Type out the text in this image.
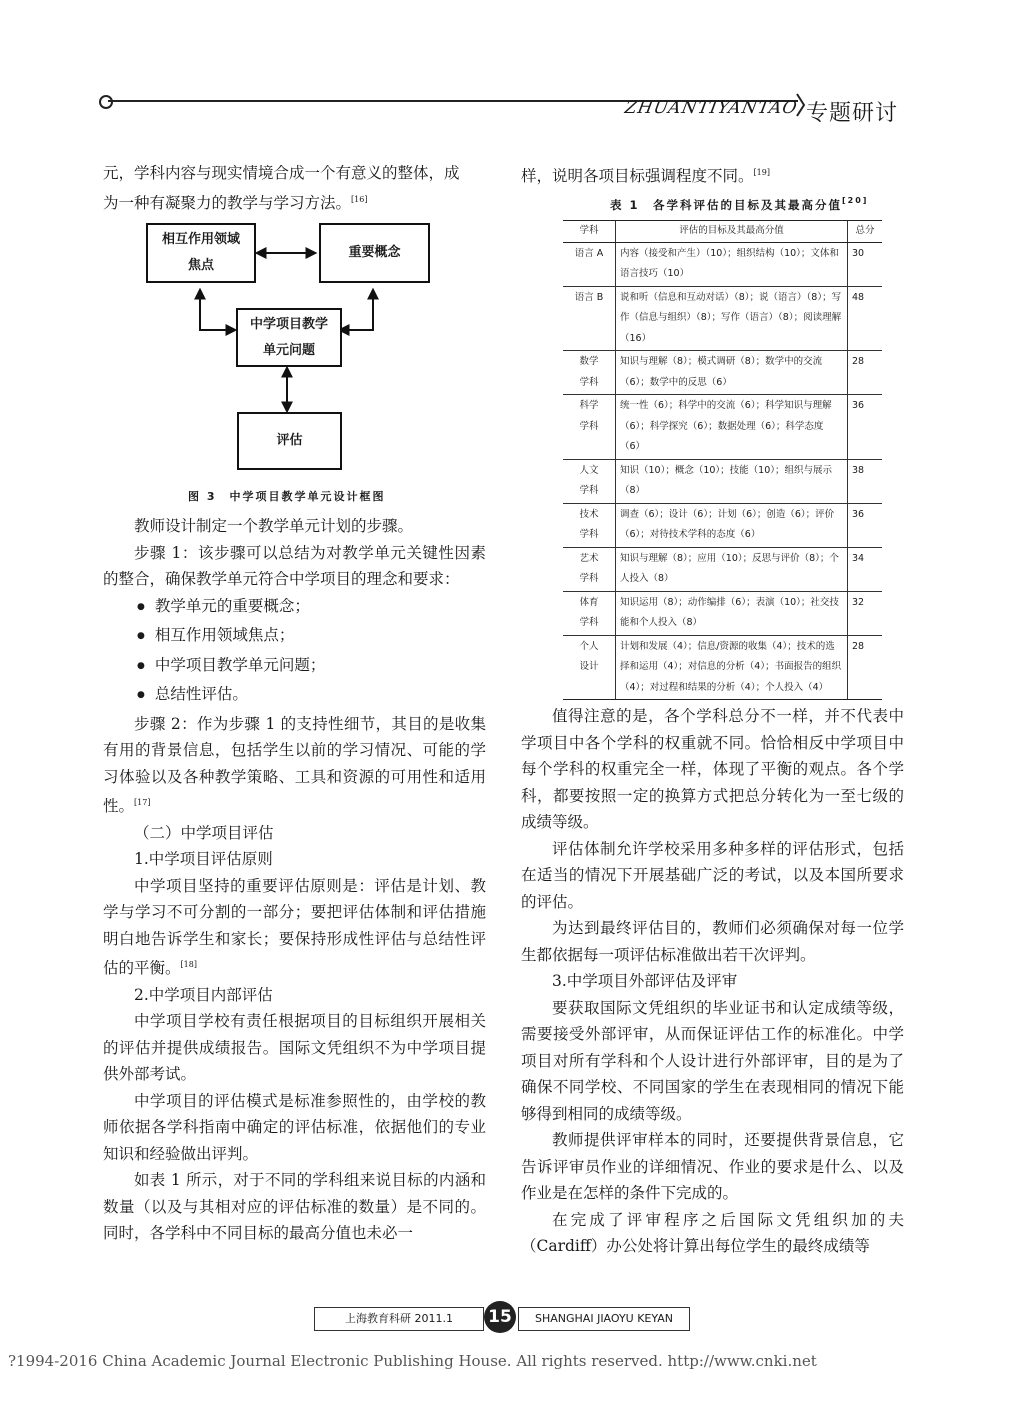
ZHUANTIYANTAO 专题研讨

元，学科内容与现实情境合成一个有意义的整体，成

为一种有凝聚力的教学与学习方法。[16]

相互作用领域
焦点
重要概念
中学项目教学
单元问题
评估
图 3　中学项目教学单元设计框图

教师设计制定一个教学单元计划的步骤。

步骤 1：该步骤可以总结为对教学单元关键性因素的整合，确保教学单元符合中学项目的理念和要求：

● 教学单元的重要概念；

● 相互作用领域焦点；

● 中学项目教学单元问题；

● 总结性评估。

步骤 2：作为步骤 1 的支持性细节，其目的是收集有用的背景信息，包括学生以前的学习情况、可能的学习体验以及各种教学策略、工具和资源的可用性和适用性。[17]

（二）中学项目评估

1.中学项目评估原则

中学项目坚持的重要评估原则是：评估是计划、教学与学习不可分割的一部分；要把评估体制和评估措施明白地告诉学生和家长；要保持形成性评估与总结性评估的平衡。[18]

2.中学项目内部评估

中学项目学校有责任根据项目的目标组织开展相关的评估并提供成绩报告。国际文凭组织不为中学项目提供外部考试。

中学项目的评估模式是标准参照性的，由学校的教师依据各学科指南中确定的评估标准，依据他们的专业知识和经验做出评判。

如表 1 所示，对于不同的学科组来说目标的内涵和数量（以及与其相对应的评估标准的数量）是不同的。同时，各学科中不同目标的最高分值也未必一

样，说明各项目标强调程度不同。[19]

表 1　各学科评估的目标及其最高分值[20]
学科	评估的目标及其最高分值	总分
语言 A	内容（接受和产生）（10）；组织结构（10）；文体和语言技巧（10）	30
语言 B	说和听（信息和互动对话）（8）；说（语言）（8）；写作（信息与组织）（8）；写作（语言）（8）；阅读理解（16）	48
数学
学科	知识与理解（8）；模式调研（8）；数学中的交流（6）；数学中的反思（6）	28
科学
学科	统一性（6）；科学中的交流（6）；科学知识与理解（6）；科学探究（6）；数据处理（6）；科学态度（6）	36
人文
学科	知识（10）；概念（10）；技能（10）；组织与展示（8）	38
技术
学科	调查（6）；设计（6）；计划（6）；创造（6）；评价（6）；对待技术学科的态度（6）	36
艺术
学科	知识与理解（8）；应用（10）；反思与评价（8）；个人投入（8）	34
体育
学科	知识运用（8）；动作编排（6）；表演（10）；社交技能和个人投入（8）	32
个人
设计	计划和发展（4）；信息/资源的收集（4）；技术的选择和运用（4）；对信息的分析（4）；书面报告的组织（4）；对过程和结果的分析（4）；个人投入（4）	28

值得注意的是，各个学科总分不一样，并不代表中学项目中各个学科的权重就不同。恰恰相反中学项目中每个学科的权重完全一样，体现了平衡的观点。各个学科，都要按照一定的换算方式把总分转化为一至七级的成绩等级。

评估体制允许学校采用多种多样的评估形式，包括在适当的情况下开展基础广泛的考试，以及本国所要求的评估。

为达到最终评估目的，教师们必须确保对每一位学生都依据每一项评估标准做出若干次评判。

3.中学项目外部评估及评审

要获取国际文凭组织的毕业证书和认定成绩等级，需要接受外部评审，从而保证评估工作的标准化。中学项目对所有学科和个人设计进行外部评审，目的是为了确保不同学校、不同国家的学生在表现相同的情况下能够得到相同的成绩等级。

教师提供评审样本的同时，还要提供背景信息，它告诉评审员作业的详细情况、作业的要求是什么、以及作业是在怎样的条件下完成的。

在完成了评审程序之后国际文凭组织加的夫（Cardiff）办公处将计算出每位学生的最终成绩等

上海教育科研 2011.1	15	SHANGHAI JIAOYU KEYAN
?1994-2016 China Academic Journal Electronic Publishing House. All rights reserved. http://www.cnki.net
